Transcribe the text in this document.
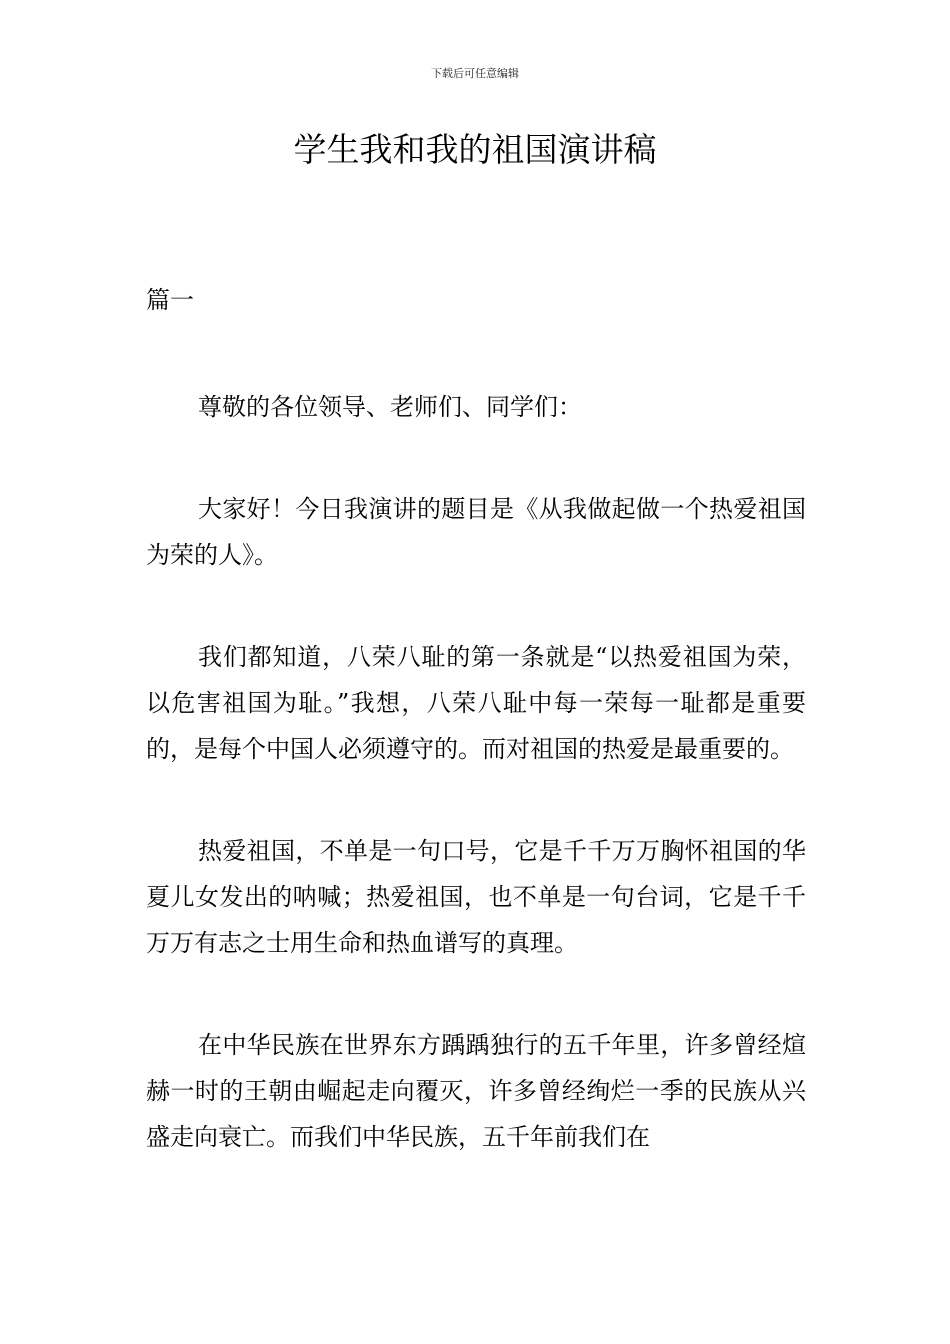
下载后可任意编辑
学生我和我的祖国演讲稿

篇一

尊敬的各位领导、老师们、同学们：

大家好！今日我演讲的题目是《从我做起做一个热爱祖国为荣的人》。

我们都知道，八荣八耻的第一条就是“以热爱祖国为荣，以危害祖国为耻。”我想，八荣八耻中每一荣每一耻都是重要的，是每个中国人必须遵守的。而对祖国的热爱是最重要的。

热爱祖国，不单是一句口号，它是千千万万胸怀祖国的华夏儿女发出的呐喊；热爱祖国，也不单是一句台词，它是千千万万有志之士用生命和热血谱写的真理。

在中华民族在世界东方踽踽独行的五千年里，许多曾经煊赫一时的王朝由崛起走向覆灭，许多曾经绚烂一季的民族从兴盛走向衰亡。而我们中华民族，五千年前我们在
